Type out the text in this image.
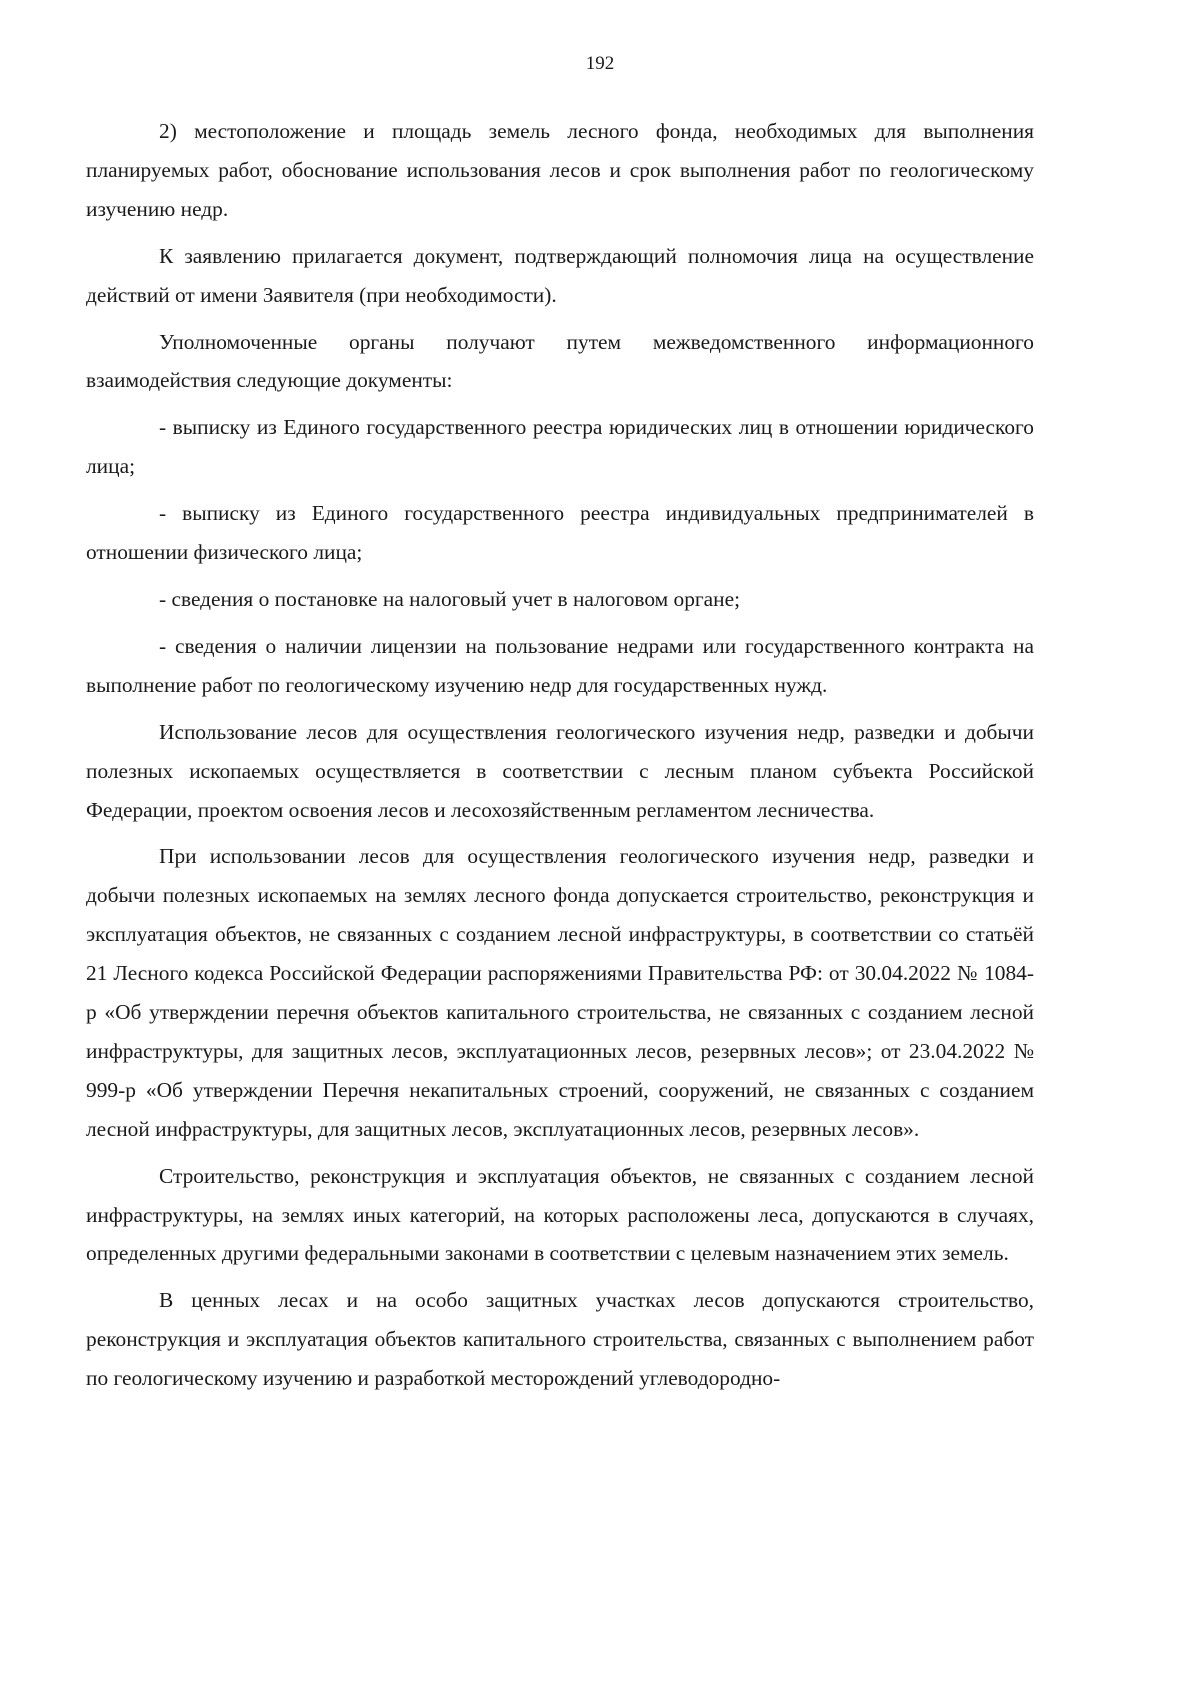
192

2) местоположение и площадь земель лесного фонда, необходимых для выполнения планируемых работ, обоснование использования лесов и срок выполнения работ по геологическому изучению недр.

К заявлению прилагается документ, подтверждающий полномочия лица на осуществление действий от имени Заявителя (при необходимости).

Уполномоченные органы получают путем межведомственного информационного взаимодействия следующие документы:

- выписку из Единого государственного реестра юридических лиц в отношении юридического лица;

- выписку из Единого государственного реестра индивидуальных предпринимателей в отношении физического лица;

- сведения о постановке на налоговый учет в налоговом органе;

- сведения о наличии лицензии на пользование недрами или государственного контракта на выполнение работ по геологическому изучению недр для государственных нужд.

Использование лесов для осуществления геологического изучения недр, разведки и добычи полезных ископаемых осуществляется в соответствии с лесным планом субъекта Российской Федерации, проектом освоения лесов и лесохозяйственным регламентом лесничества.

При использовании лесов для осуществления геологического изучения недр, разведки и добычи полезных ископаемых на землях лесного фонда допускается строительство, реконструкция и эксплуатация объектов, не связанных с созданием лесной инфраструктуры, в соответствии со статьёй 21 Лесного кодекса Российской Федерации распоряжениями Правительства РФ: от 30.04.2022 № 1084-р «Об утверждении перечня объектов капитального строительства, не связанных с созданием лесной инфраструктуры, для защитных лесов, эксплуатационных лесов, резервных лесов»; от 23.04.2022 № 999-р «Об утверждении Перечня некапитальных строений, сооружений, не связанных с созданием лесной инфраструктуры, для защитных лесов, эксплуатационных лесов, резервных лесов».

Строительство, реконструкция и эксплуатация объектов, не связанных с созданием лесной инфраструктуры, на землях иных категорий, на которых расположены леса, допускаются в случаях, определенных другими федеральными законами в соответствии с целевым назначением этих земель.

В ценных лесах и на особо защитных участках лесов допускаются строительство, реконструкция и эксплуатация объектов капитального строительства, связанных с выполнением работ по геологическому изучению и разработкой месторождений углеводородно-
